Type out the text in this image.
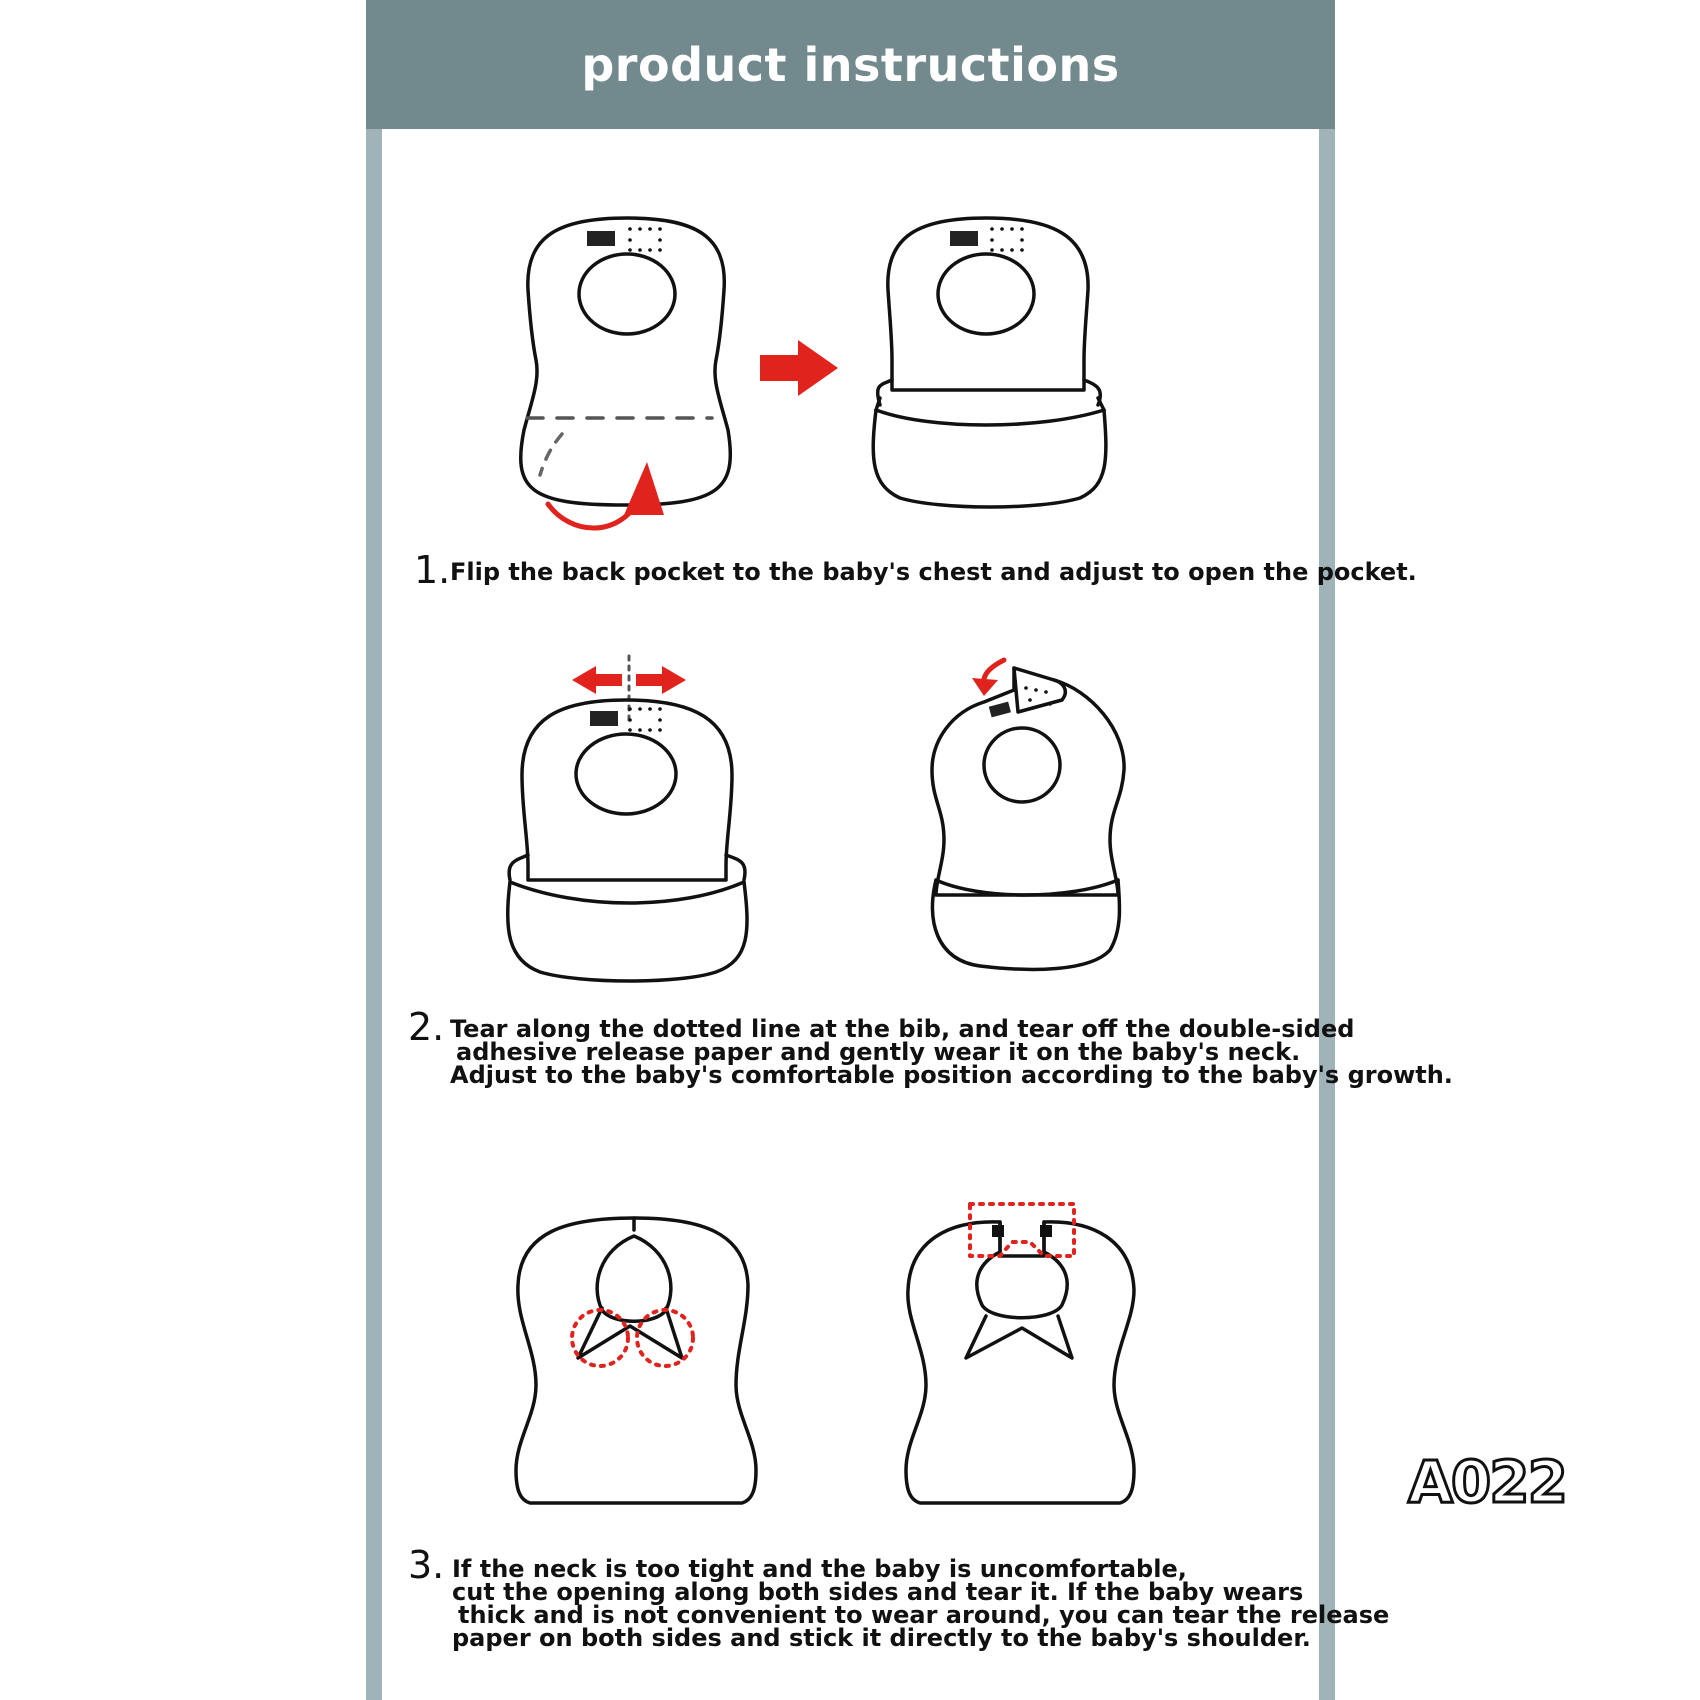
product instructions
1. Flip the back pocket to the baby's chest and adjust to open the pocket.
2. Tear along the dotted line at the bib, and tear off the double-sided
adhesive release paper and gently wear it on the baby's neck.
Adjust to the baby's comfortable position according to the baby's growth.
3. If the neck is too tight and the baby is uncomfortable,
cut the opening along both sides and tear it. If the baby wears
thick and is not convenient to wear around, you can tear the release
paper on both sides and stick it directly to the baby's shoulder.
A022
